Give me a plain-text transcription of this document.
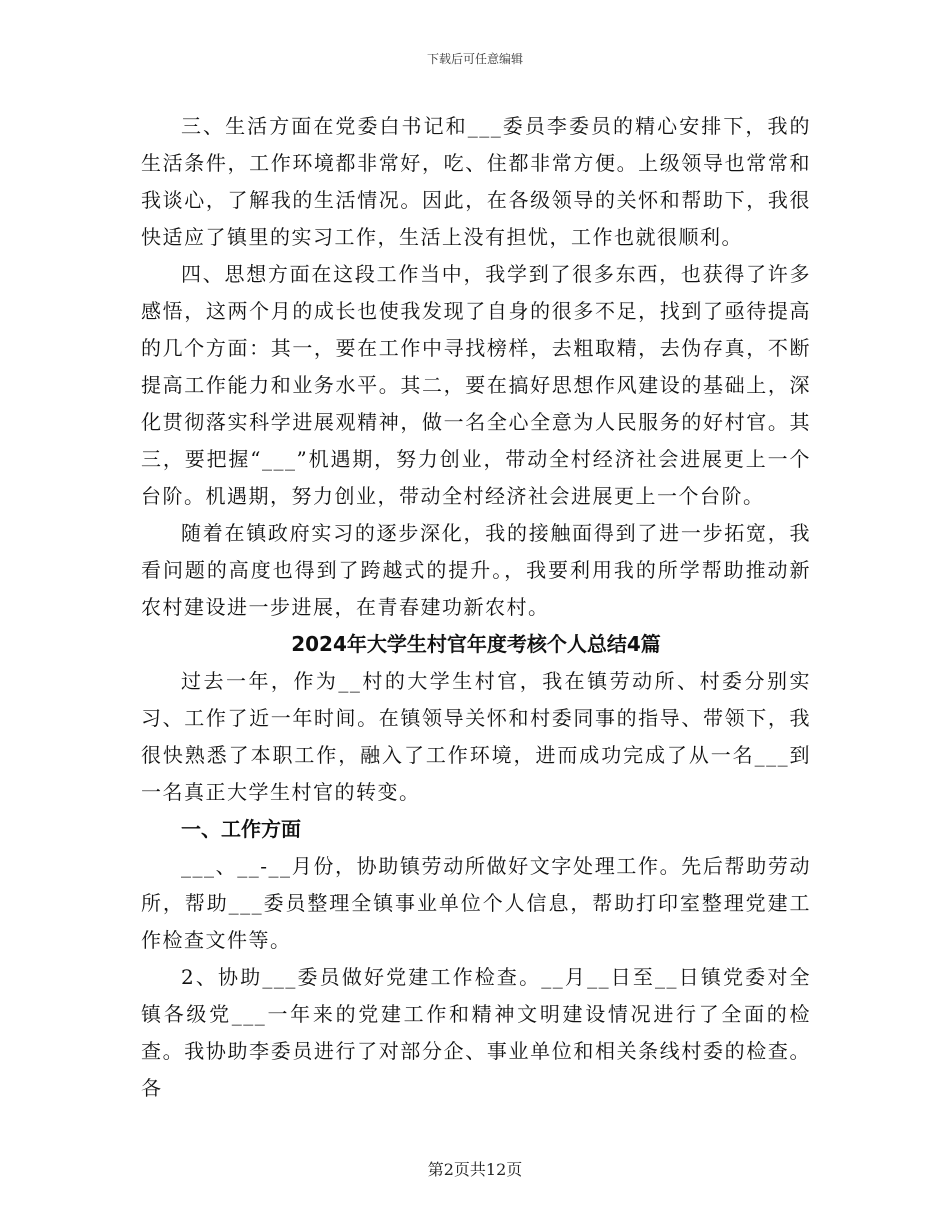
下载后可任意编辑

三、生活方面在党委白书记和___委员李委员的精心安排下，我的生活条件，工作环境都非常好，吃、住都非常方便。上级领导也常常和我谈心，了解我的生活情况。因此，在各级领导的关怀和帮助下，我很快适应了镇里的实习工作，生活上没有担忧，工作也就很顺利。

四、思想方面在这段工作当中，我学到了很多东西，也获得了许多感悟，这两个月的成长也使我发现了自身的很多不足，找到了亟待提高的几个方面：其一，要在工作中寻找榜样，去粗取精，去伪存真，不断提高工作能力和业务水平。其二，要在搞好思想作风建设的基础上，深化贯彻落实科学进展观精神，做一名全心全意为人民服务的好村官。其三，要把握“___”机遇期，努力创业，带动全村经济社会进展更上一个台阶。机遇期，努力创业，带动全村经济社会进展更上一个台阶。

随着在镇政府实习的逐步深化，我的接触面得到了进一步拓宽，我看问题的高度也得到了跨越式的提升。，我要利用我的所学帮助推动新农村建设进一步进展，在青春建功新农村。

2024年大学生村官年度考核个人总结4篇

过去一年，作为__村的大学生村官，我在镇劳动所、村委分别实习、工作了近一年时间。在镇领导关怀和村委同事的指导、带领下，我很快熟悉了本职工作，融入了工作环境，进而成功完成了从一名___到一名真正大学生村官的转变。

一、工作方面

___、__-__月份，协助镇劳动所做好文字处理工作。先后帮助劳动所，帮助___委员整理全镇事业单位个人信息，帮助打印室整理党建工作检查文件等。

2、协助___委员做好党建工作检查。__月__日至__日镇党委对全镇各级党___一年来的党建工作和精神文明建设情况进行了全面的检查。我协助李委员进行了对部分企、事业单位和相关条线村委的检查。各

第2页共12页
